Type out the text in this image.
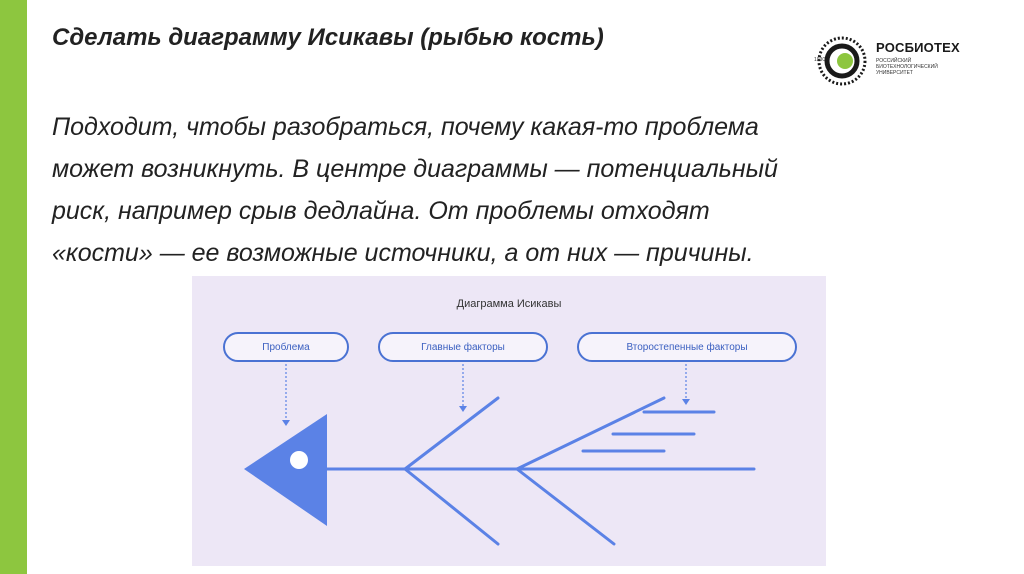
Сделать диаграмму Исикавы (рыбью кость)
Подходит, чтобы разобраться, почему какая-то проблема
может возникнуть. В центре диаграммы — потенциальный
риск, например срыв дедлайна. От проблемы отходят
«кости» — ее возможные источники, а от них — причины.
1930
РОСБИОТЕХ
РОССИЙСКИЙ
БИОТЕХНОЛОГИЧЕСКИЙ
УНИВЕРСИТЕТ
Диаграмма Исикавы
Проблема	Главные факторы	Второстепенные факторы
